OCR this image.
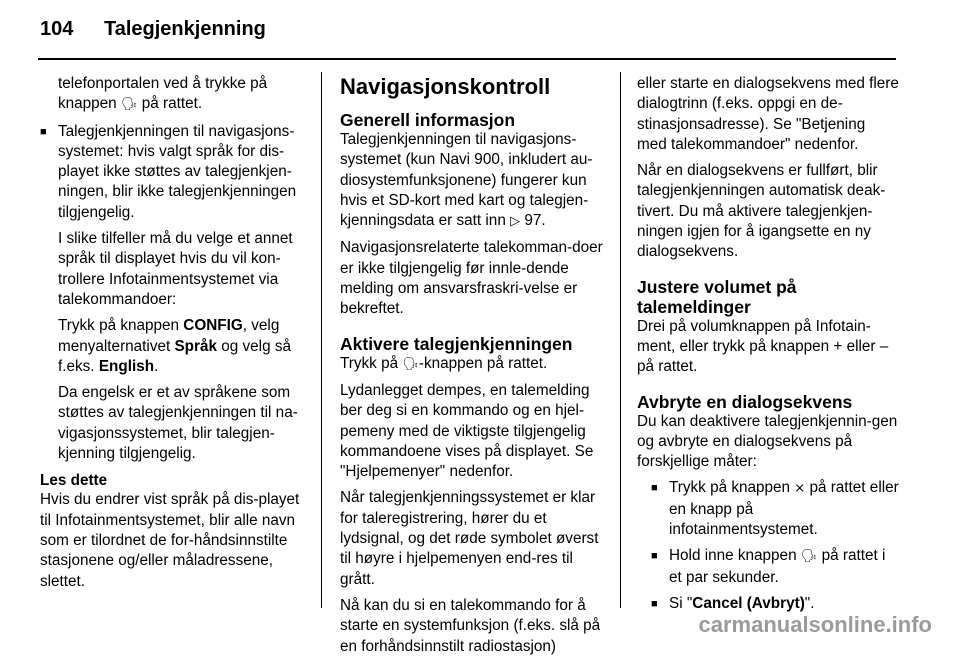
104 Talegjenkjenning

telefonportalen ved å trykke på knappen 🗣︎ på rattet.

■ Talegjenkjenningen til navigasjons-systemet: hvis valgt språk for dis-playet ikke støttes av talegjenkjen-ningen, blir ikke talegjenkjenningen tilgjengelig.

I slike tilfeller må du velge et annet språk til displayet hvis du vil kon-trollere Infotainmentsystemet via talekommandoer:

Trykk på knappen CONFIG, velg menyalternativet Språk og velg så f.eks. English.

Da engelsk er et av språkene som støttes av talegjenkjenningen til na-vigasjonssystemet, blir talegjen-kjenning tilgjengelig.

Les dette

Hvis du endrer vist språk på dis-playet til Infotainmentsystemet, blir alle navn som er tilordnet de for-håndsinnstilte stasjonene og/eller måladressene, slettet.

Navigasjonskontroll
Generell informasjon

Talegjenkjenningen til navigasjons-systemet (kun Navi 900, inkludert au-diosystemfunksjonene) fungerer kun hvis et SD-kort med kart og talegjen-kjenningsdata er satt inn ▷ 97.

Navigasjonsrelaterte talekomman-doer er ikke tilgjengelig før innle-dende melding om ansvarsfraskri-velse er bekreftet.

Aktivere talegjenkjenningen

Trykk på 🗣︎-knappen på rattet.

Lydanlegget dempes, en talemelding ber deg si en kommando og en hjel-pemeny med de viktigste tilgjengelig kommandoene vises på displayet. Se "Hjelpemenyer" nedenfor.

Når talegjenkjenningssystemet er klar for taleregistrering, hører du et lydsignal, og det røde symbolet øverst til høyre i hjelpemenyen end-res til grått.

Nå kan du si en talekommando for å starte en systemfunksjon (f.eks. slå på en forhåndsinnstilt radiostasjon)

eller starte en dialogsekvens med flere dialogtrinn (f.eks. oppgi en de-stinasjonsadresse). Se "Betjening med talekommandoer" nedenfor.

Når en dialogsekvens er fullført, blir talegjenkjenningen automatisk deak-tivert. Du må aktivere talegjenkjen-ningen igjen for å igangsette en ny dialogsekvens.

Justere volumet på talemeldinger

Drei på volumknappen på Infotain-ment, eller trykk på knappen + eller – på rattet.

Avbryte en dialogsekvens

Du kan deaktivere talegjenkjennin-gen og avbryte en dialogsekvens på forskjellige måter:

■ Trykk på knappen ⨯ på rattet eller en knapp på infotainmentsystemet.

■ Hold inne knappen 🗣︎ på rattet i et par sekunder.

■ Si "Cancel (Avbryt)".

carmanualsonline.info
